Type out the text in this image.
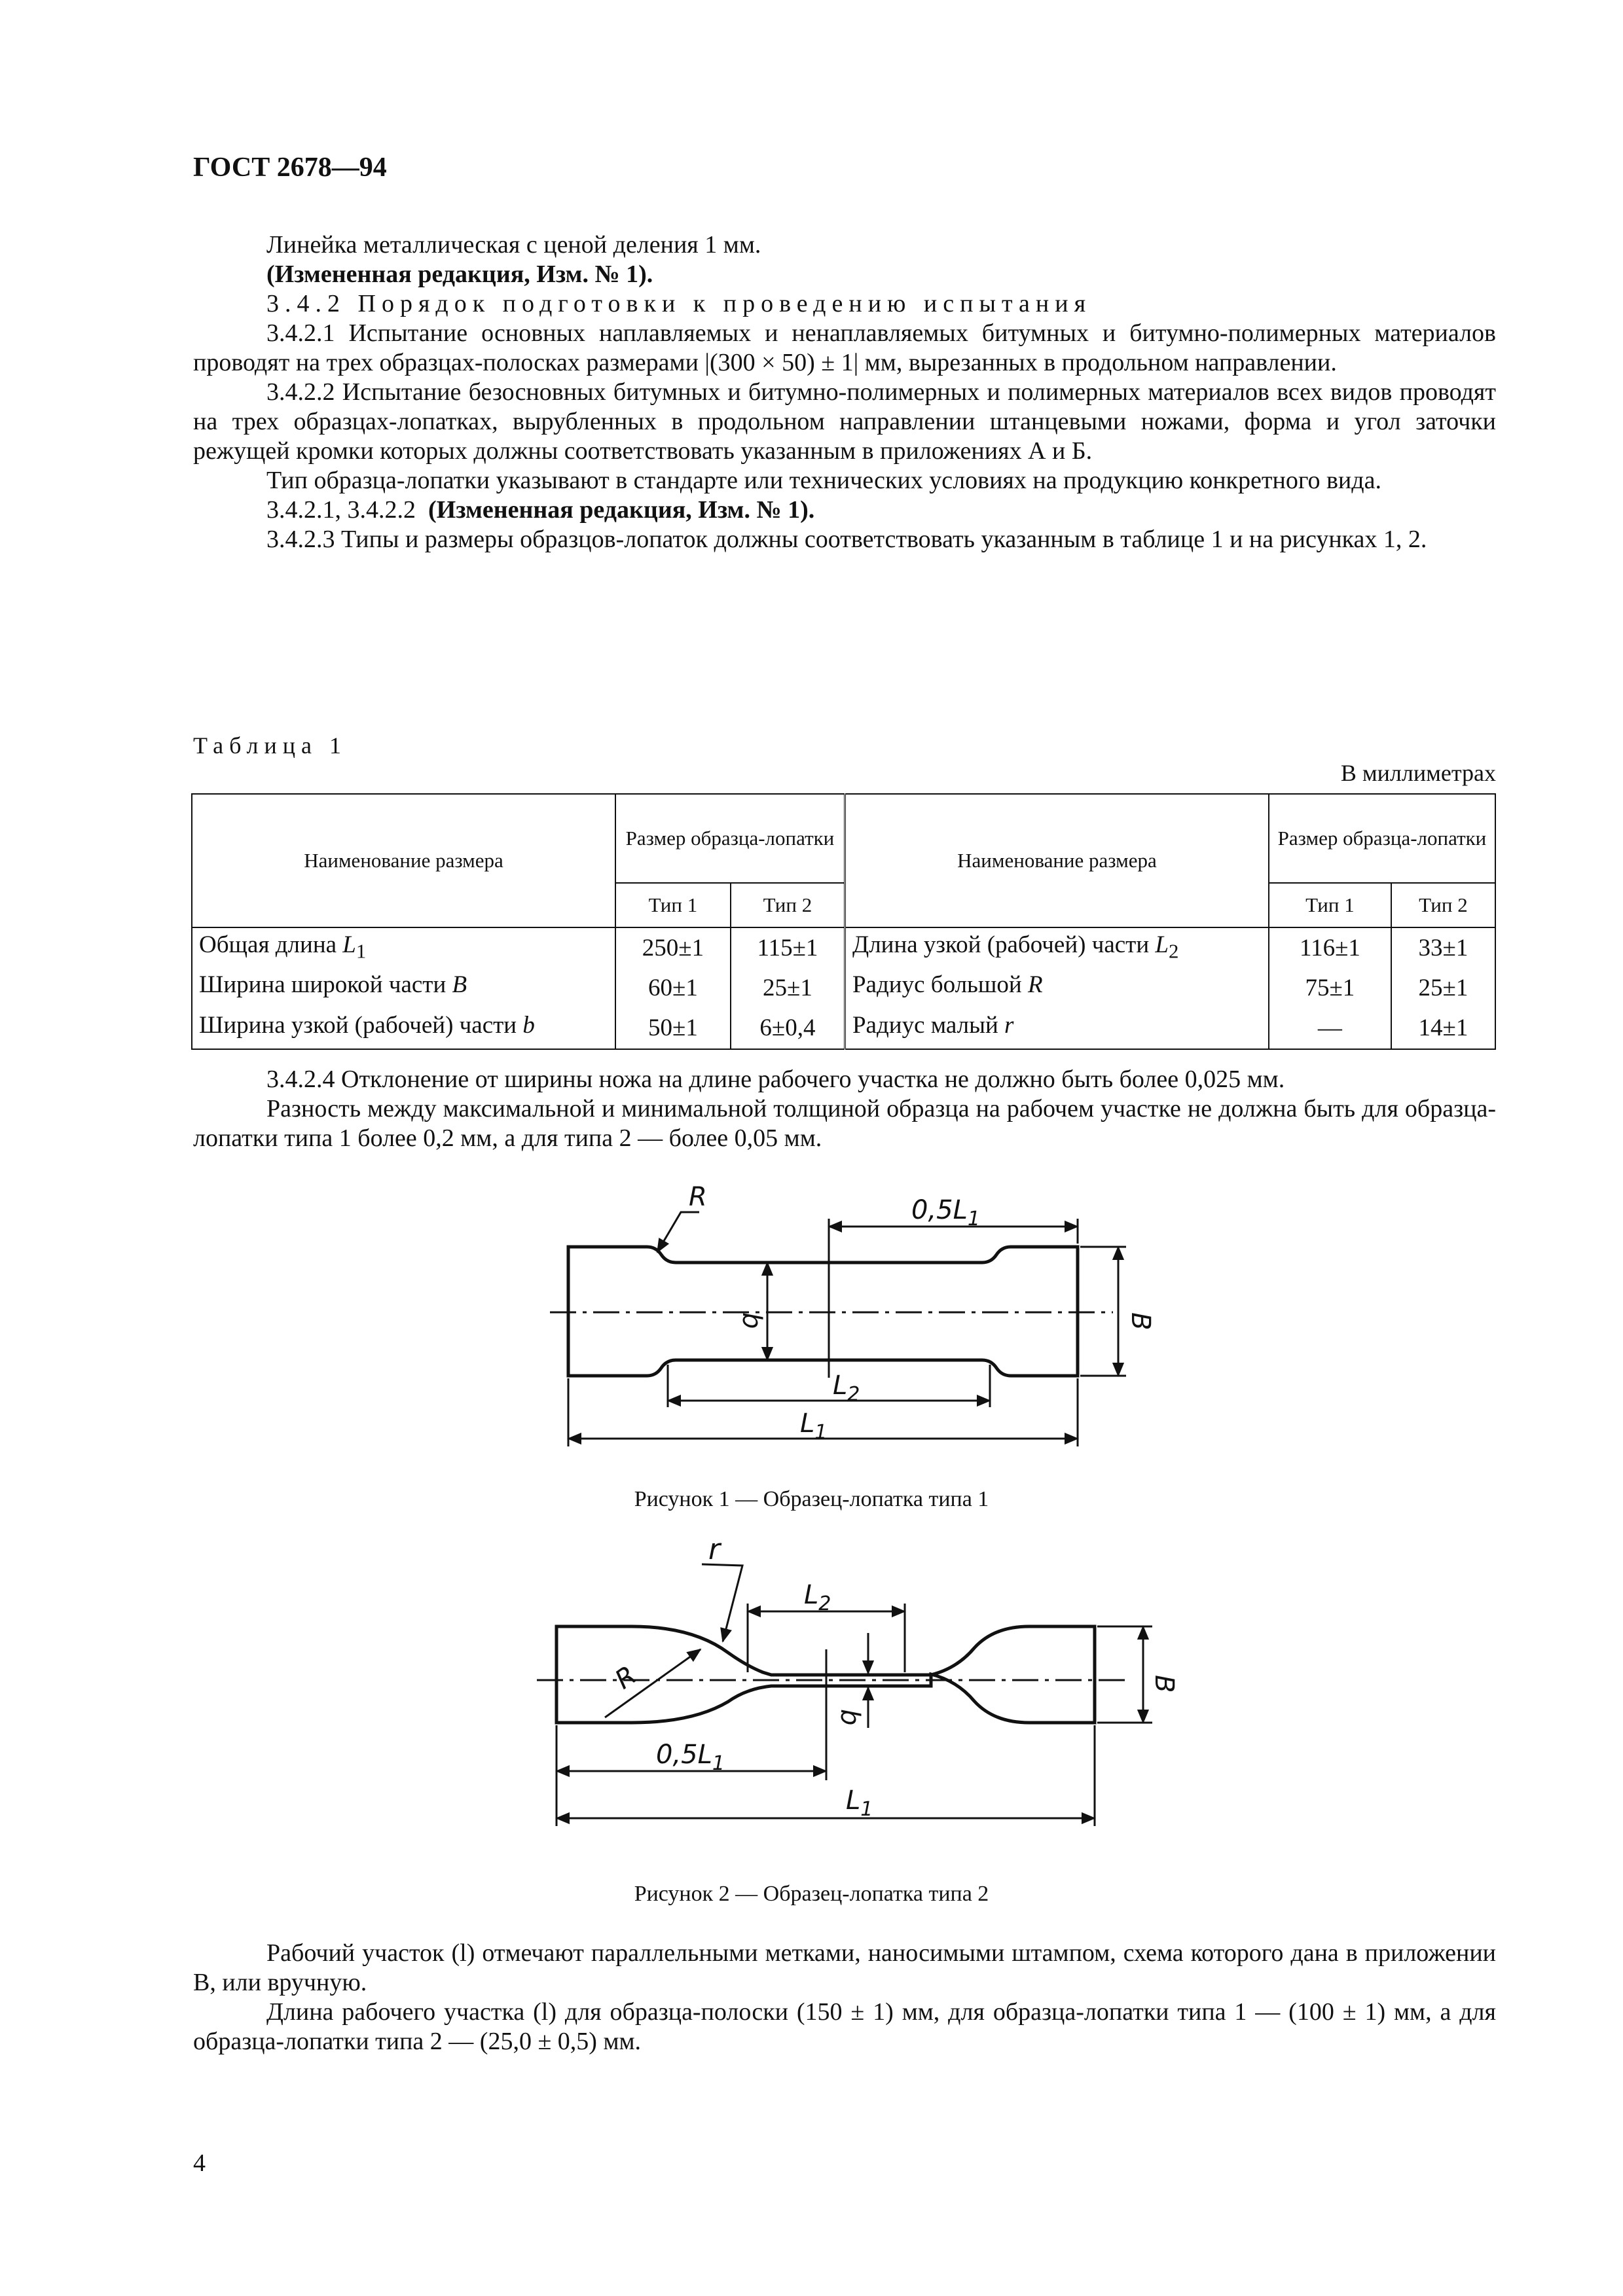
ГОСТ 2678—94

Линейка металлическая с ценой деления 1 мм.

(Измененная редакция, Изм. № 1).

3.4.2 Порядок подготовки к проведению испытания

3.4.2.1 Испытание основных наплавляемых и ненаплавляемых битумных и битумно-полимерных материалов проводят на трех образцах-полосках размерами |(300 × 50) ± 1| мм, вырезанных в продольном направлении.

3.4.2.2 Испытание безосновных битумных и битумно-полимерных и полимерных материалов всех видов проводят на трех образцах-лопатках, вырубленных в продольном направлении штанцевыми ножами, форма и угол заточки режущей кромки которых должны соответствовать указанным в приложениях А и Б.

Тип образца-лопатки указывают в стандарте или технических условиях на продукцию конкретного вида.

3.4.2.1, 3.4.2.2 (Измененная редакция, Изм. № 1).

3.4.2.3 Типы и размеры образцов-лопаток должны соответствовать указанным в таблице 1 и на рисунках 1, 2.

Таблица 1
В миллиметрах
Наименование размера	Размер образца-лопатки		Наименование размера	Размер образца-лопатки	
	Тип 1	Тип 2		Тип 1	Тип 2
Общая длина $L_1$	250±1	115±1	Длина узкой (рабочей) части $L_2$	116±1	33±1
Ширина широкой части B	60±1	25±1	Радиус большой R	75±1	25±1
Ширина узкой (рабочей) части b	50±1	6±0,4	Радиус малый r	—	14±1

3.4.2.4 Отклонение от ширины ножа на длине рабочего участка не должно быть более 0,025 мм.

Разность между максимальной и минимальной толщиной образца на рабочем участке не должна быть для образца-лопатки типа 1 более 0,2 мм, а для типа 2 — более 0,05 мм.

R	$0,5L_1$
B
b
$L_2$
$L_1$
r
R
$L_2$
B
b
$0,5L_1$
$L_1$
Рисунок 1 — Образец-лопатка типа 1
Рисунок 2 — Образец-лопатка типа 2

Рабочий участок (l) отмечают параллельными метками, наносимыми штампом, схема которого дана в приложении В, или вручную.

Длина рабочего участка (l) для образца-полоски (150 ± 1) мм, для образца-лопатки типа 1 — (100 ± 1) мм, а для образца-лопатки типа 2 — (25,0 ± 0,5) мм.

4
